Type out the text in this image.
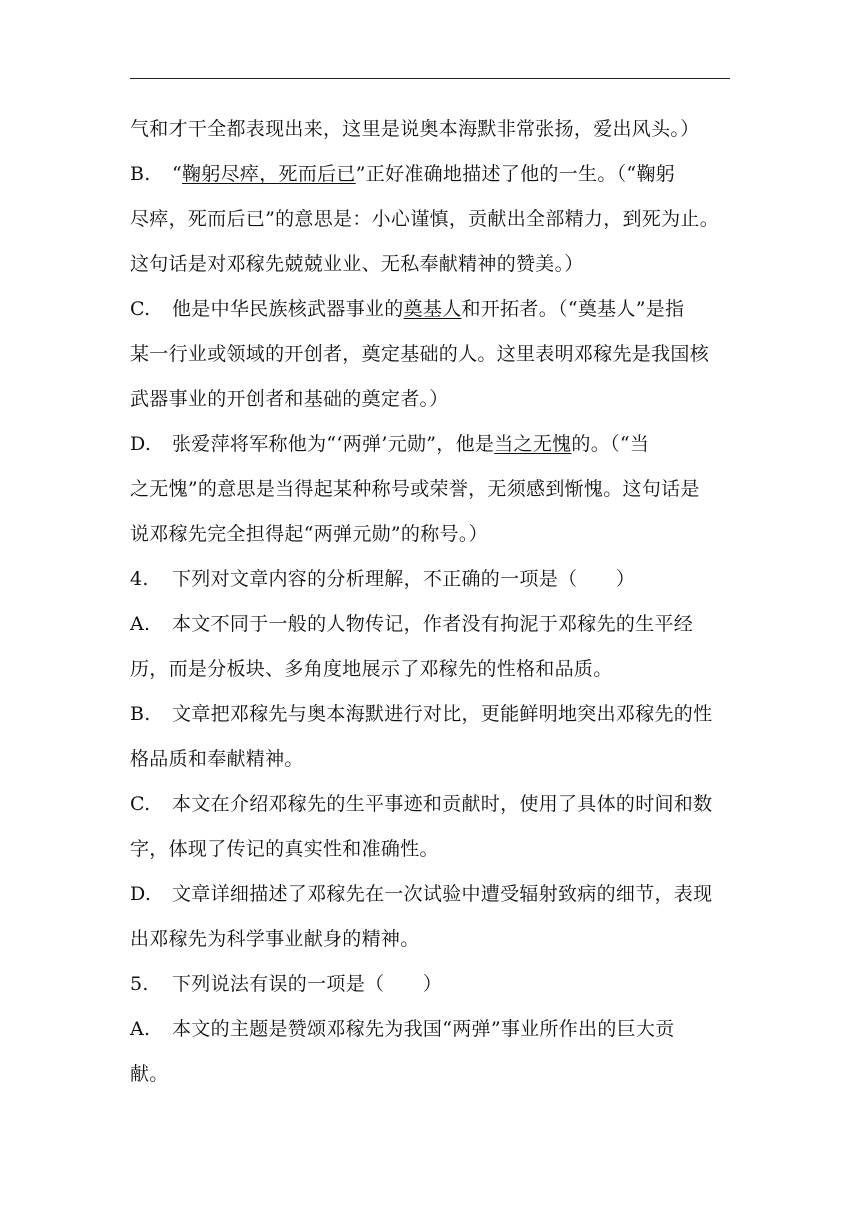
气和才干全都表现出来，这里是说奥本海默非常张扬，爱出风头。）
B. “鞠躬尽瘁，死而后已”正好准确地描述了他的一生。（“鞠躬
尽瘁，死而后已”的意思是：小心谨慎，贡献出全部精力，到死为止。
这句话是对邓稼先兢兢业业、无私奉献精神的赞美。）
C. 他是中华民族核武器事业的奠基人和开拓者。（“奠基人”是指
某一行业或领域的开创者，奠定基础的人。这里表明邓稼先是我国核
武器事业的开创者和基础的奠定者。）
D. 张爱萍将军称他为“‘两弹’元勋”，他是当之无愧的。（“当
之无愧”的意思是当得起某种称号或荣誉，无须感到惭愧。这句话是
说邓稼先完全担得起“两弹元勋”的称号。）
4. 下列对文章内容的分析理解，不正确的一项是（　　）
A. 本文不同于一般的人物传记，作者没有拘泥于邓稼先的生平经
历，而是分板块、多角度地展示了邓稼先的性格和品质。
B. 文章把邓稼先与奥本海默进行对比，更能鲜明地突出邓稼先的性
格品质和奉献精神。
C. 本文在介绍邓稼先的生平事迹和贡献时，使用了具体的时间和数
字，体现了传记的真实性和准确性。
D. 文章详细描述了邓稼先在一次试验中遭受辐射致病的细节，表现
出邓稼先为科学事业献身的精神。
5. 下列说法有误的一项是（　　）
A. 本文的主题是赞颂邓稼先为我国“两弹”事业所作出的巨大贡
献。
